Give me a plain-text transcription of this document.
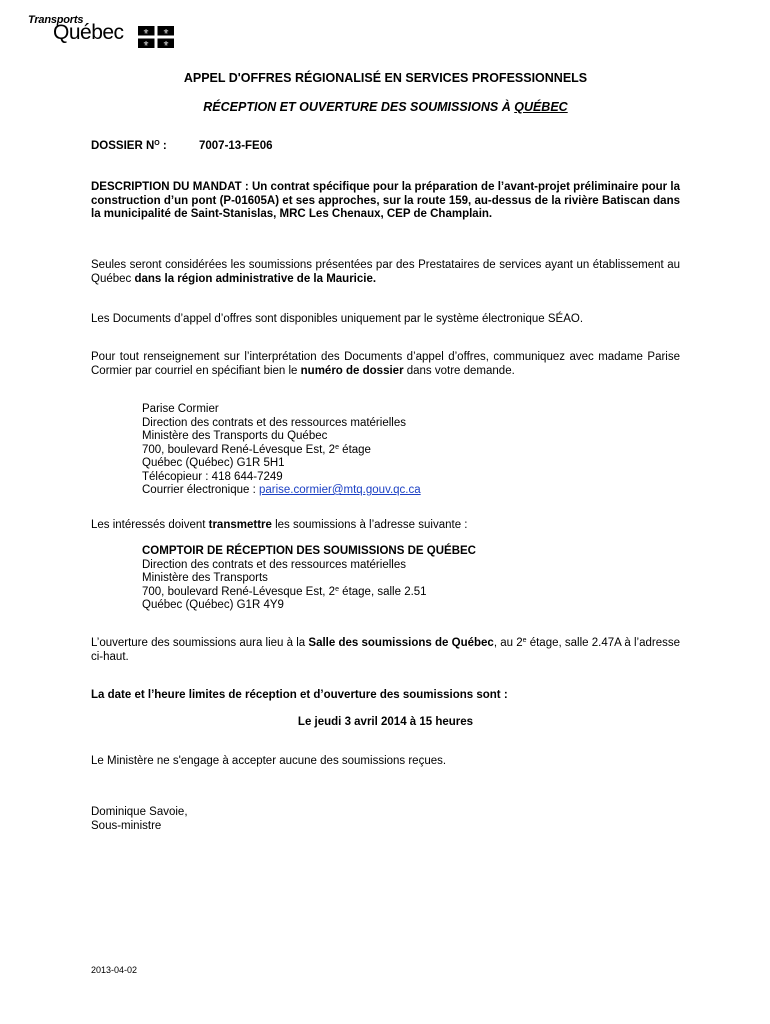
Transports
Québec	⚜ ⚜
⚜ ⚜
APPEL D'OFFRES RÉGIONALISÉ EN SERVICES PROFESSIONNELS
RÉCEPTION ET OUVERTURE DES SOUMISSIONS À QUÉBEC
DOSSIER $N^O$ :	7007-13-FE06
DESCRIPTION DU MANDAT : Un contrat spécifique pour la préparation de l’avant-projet préliminaire pour la construction d’un pont (P-01605A) et ses approches, sur la route 159, au-dessus de la rivière Batiscan dans la municipalité de Saint-Stanislas, MRC Les Chenaux, CEP de Champlain.
Seules seront considérées les soumissions présentées par des Prestataires de services ayant un établissement au Québec dans la région administrative de la Mauricie.
Les Documents d’appel d’offres sont disponibles uniquement par le système électronique SÉAO.
Pour tout renseignement sur l’interprétation des Documents d’appel d’offres, communiquez avec madame Parise Cormier par courriel en spécifiant bien le numéro de dossier dans votre demande.
Parise Cormier
Direction des contrats et des ressources matérielles
Ministère des Transports du Québec
700, boulevard René-Lévesque Est, 2e étage
Québec (Québec) G1R 5H1
Télécopieur : 418 644-7249
Courrier électronique : parise.cormier@mtq.gouv.qc.ca
Les intéressés doivent transmettre les soumissions à l’adresse suivante :
COMPTOIR DE RÉCEPTION DES SOUMISSIONS DE QUÉBEC
Direction des contrats et des ressources matérielles
Ministère des Transports
700, boulevard René-Lévesque Est, 2e étage, salle 2.51
Québec (Québec) G1R 4Y9
L’ouverture des soumissions aura lieu à la Salle des soumissions de Québec, au 2e étage, salle 2.47A à l’adresse ci-haut.
La date et l’heure limites de réception et d’ouverture des soumissions sont :
Le jeudi 3 avril 2014 à 15 heures
Le Ministère ne s'engage à accepter aucune des soumissions reçues.
Dominique Savoie,
Sous-ministre
2013-04-02
